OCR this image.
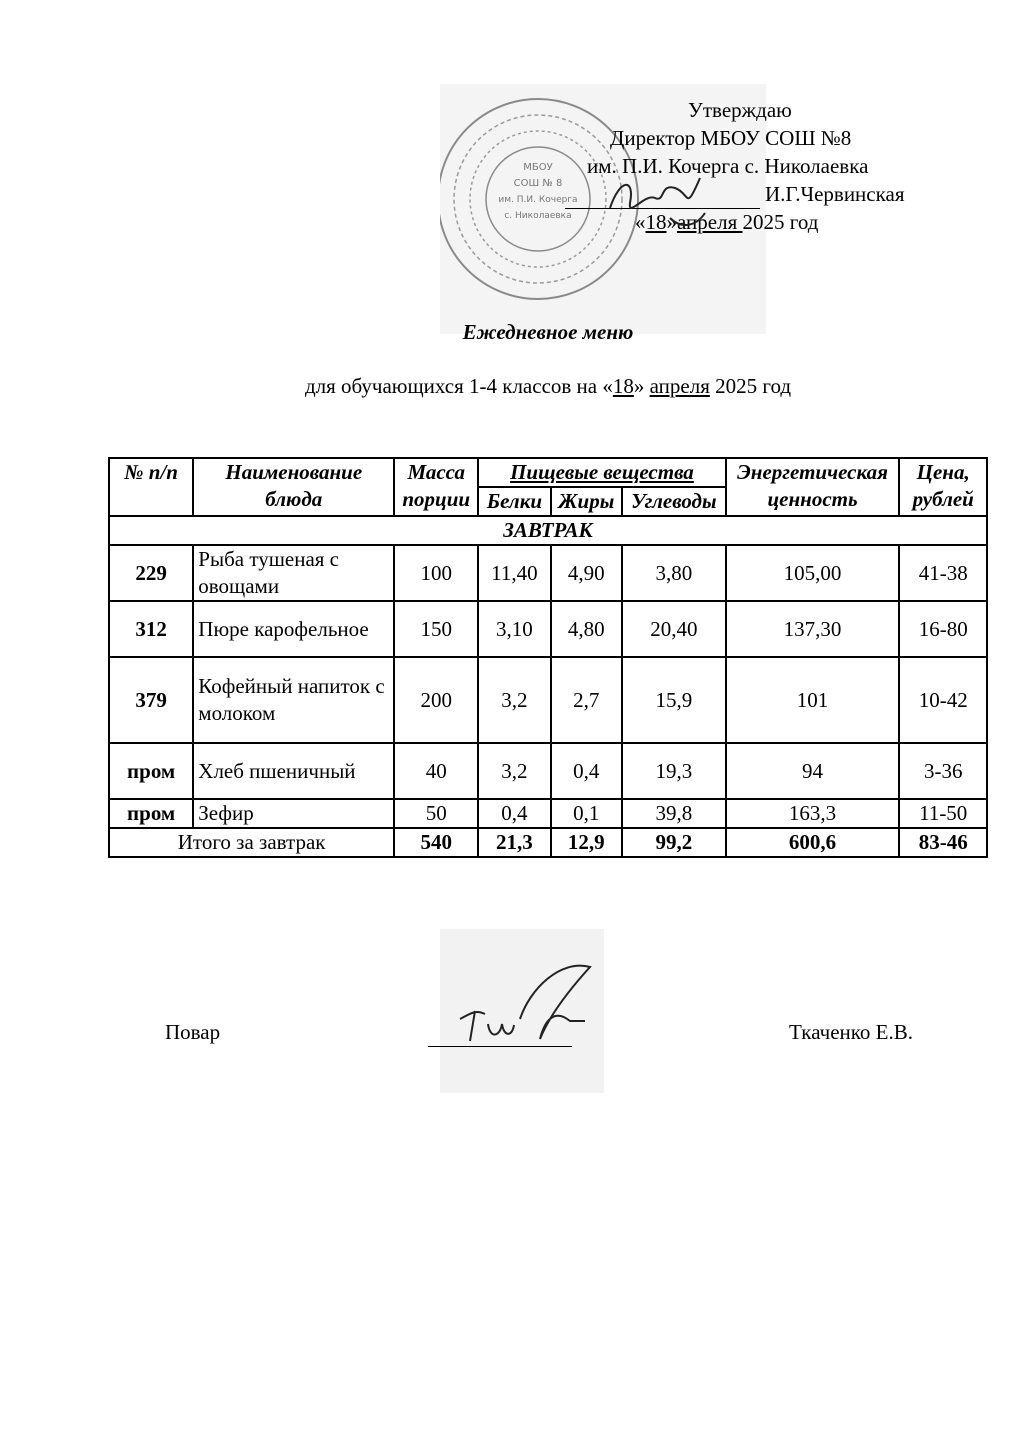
МБОУ
СОШ № 8
им. П.И. Кочерга
с. Николаевка
Утверждаю
Директор МБОУ СОШ №8
им. П.И. Кочерга с. Николаевка
И.Г.Червинская
«18»апреля 2025 год
Ежедневное меню
для обучающихся 1-4 классов на «18» апреля 2025 год
№ п/п	Наименование блюда	Масса порции	Пищевые вещества			Энергетическая ценность	Цена, рублей
			Белки	Жиры	Углеводы		
ЗАВТРАК							
229	Рыба тушеная с овощами	100	11,40	4,90	3,80	105,00	41-38
312	Пюре карофельное	150	3,10	4,80	20,40	137,30	16-80
379	Кофейный напиток с молоком	200	3,2	2,7	15,9	101	10-42
пром	Хлеб пшеничный	40	3,2	0,4	19,3	94	3-36
пром	Зефир	50	0,4	0,1	39,8	163,3	11-50
Итого за завтрак		540	21,3	12,9	99,2	600,6	83-46
Повар	Ткаченко Е.В.
